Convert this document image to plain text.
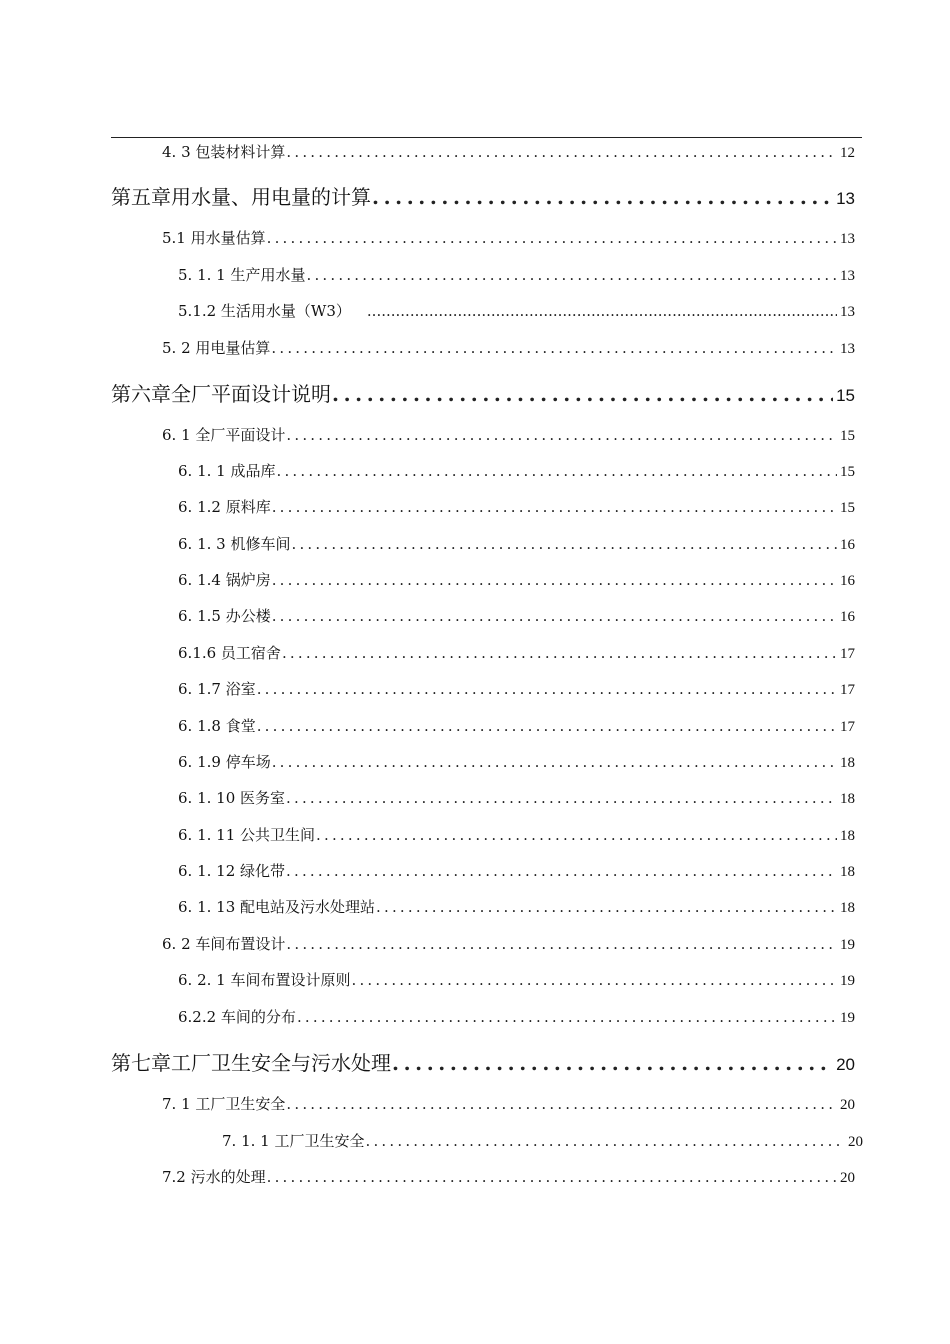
4. 3 包装材料计算 .....	12
第五章用水量、用电量的计算 .....	13
5.1 用水量估算 .....	13
5. 1. 1 生产用水量 .....	13
5.1.2 生活用水量（W3） .....	13
5. 2 用电量估算 .....	13
第六章全厂平面设计说明 .....	15
6. 1 全厂平面设计 .....	15
6. 1. 1 成品库 .....	15
6. 1.2 原料库 .....	15
6. 1. 3 机修车间 .....	16
6. 1.4 锅炉房 .....	16
6. 1.5 办公楼 .....	16
6.1.6 员工宿舍 .....	17
6. 1.7 浴室 .....	17
6. 1.8 食堂 .....	17
6. 1.9 停车场 .....	18
6. 1. 10 医务室 .....	18
6. 1. 11 公共卫生间 .....	18
6. 1. 12 绿化带 .....	18
6. 1. 13 配电站及污水处理站 .....	18
6. 2 车间布置设计 .....	19
6. 2. 1 车间布置设计原则 .....	19
6.2.2 车间的分布 .....	19
第七章工厂卫生安全与污水处理 .....	20
7. 1 工厂卫生安全 .....	20
7. 1. 1 工厂卫生安全 .....	20
7.2 污水的处理 .....	20
